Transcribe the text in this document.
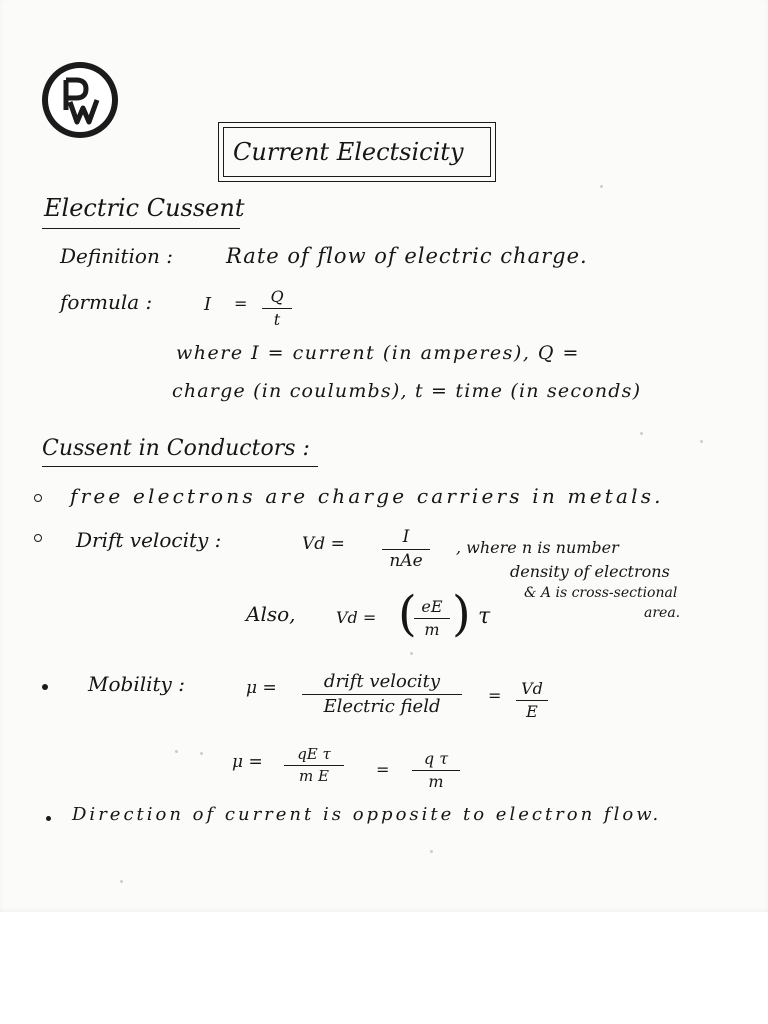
Current Electsicity
Electric Cussent
Definition :	Rate of flow of electric charge.
formula :	I =	Q
t
where I = current (in amperes), Q =
charge (in coulumbs), t = time (in seconds)
Cussent in Conductors :
free electrons are charge carriers in metals.
Drift velocity :	Vd =	I
nAe
, where n is number
density of electrons
& A is cross-sectional
area.
Also,	Vd = ( eE
m ) τ
Mobility :	μ =	drift velocity
Electric field
=	Vd
E
μ =	qE τ
m E	=
q τ
m
Direction of current is opposite to electron flow.
